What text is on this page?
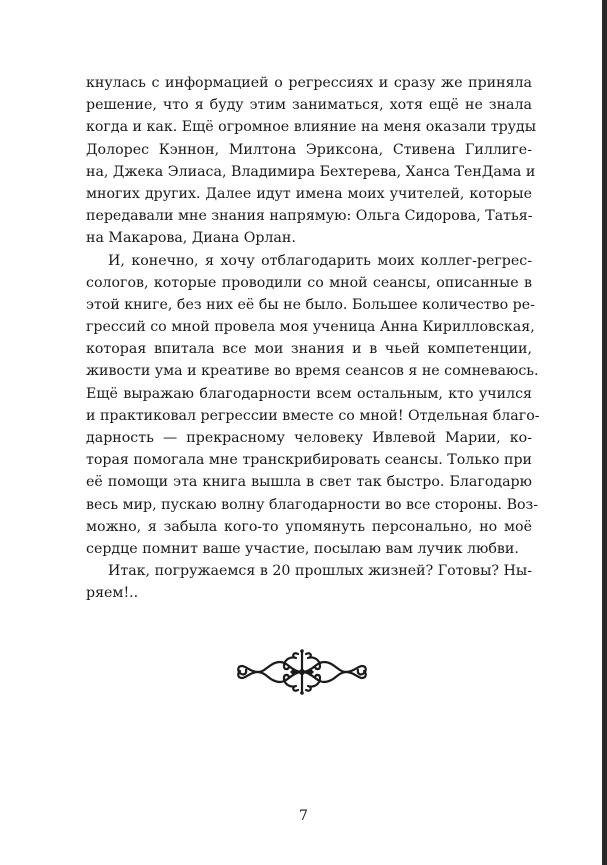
кнулась с информацией о регрессиях и сразу же приняла
решение, что я буду этим заниматься, хотя ещё не знала
когда и как. Ещё огромное влияние на меня оказали труды
Долорес Кэннон, Милтона Эриксона, Стивена Гиллиге-
на, Джека Элиаса, Владимира Бехтерева, Ханса ТенДама и
многих других. Далее идут имена моих учителей, которые
передавали мне знания напрямую: Ольга Сидорова, Татья-
на Макарова, Диана Орлан.
И, конечно, я хочу отблагодарить моих коллег-регрес-
сологов, которые проводили со мной сеансы, описанные в
этой книге, без них её бы не было. Большее количество ре-
грессий со мной провела моя ученица Анна Кирилловская,
которая впитала все мои знания и в чьей компетенции,
живости ума и креативе во время сеансов я не сомневаюсь.
Ещё выражаю благодарности всем остальным, кто учился
и практиковал регрессии вместе со мной! Отдельная благо-
дарность — прекрасному человеку Ивлевой Марии, ко-
торая помогала мне транскрибировать сеансы. Только при
её помощи эта книга вышла в свет так быстро. Благодарю
весь мир, пускаю волну благодарности во все стороны. Воз-
можно, я забыла кого-то упомянуть персонально, но моё
сердце помнит ваше участие, посылаю вам лучик любви.
Итак, погружаемся в 20 прошлых жизней? Готовы? Ны-
ряем!..
7
